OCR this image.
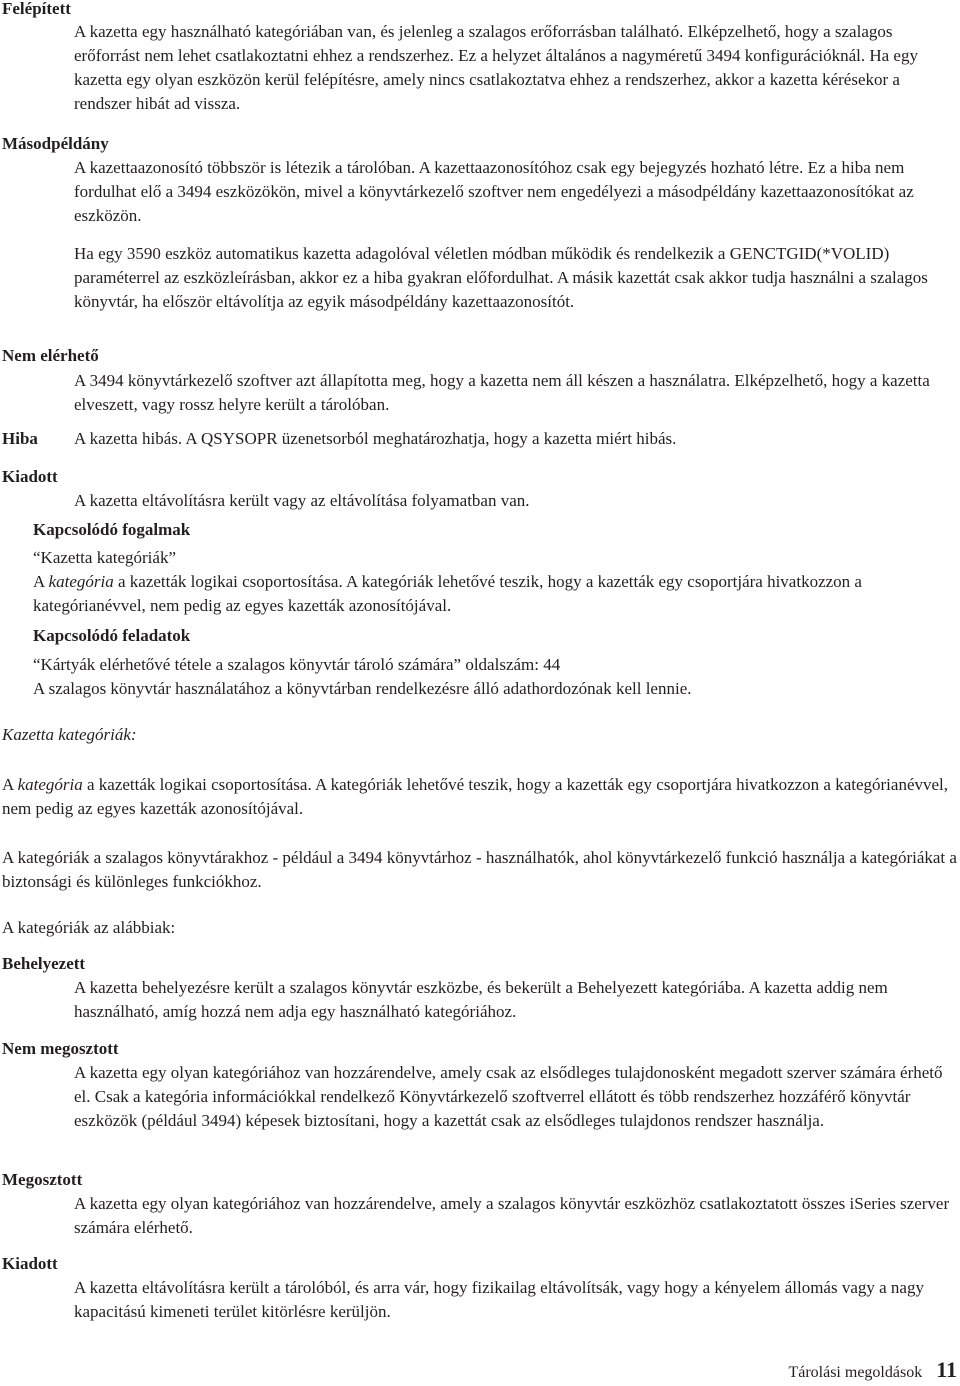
Felépített

A kazetta egy használható kategóriában van, és jelenleg a szalagos erőforrásban található. Elképzelhető, hogy a szalagos erőforrást nem lehet csatlakoztatni ehhez a rendszerhez. Ez a helyzet általános a nagyméretű 3494 konfigurációknál. Ha egy kazetta egy olyan eszközön kerül felépítésre, amely nincs csatlakoztatva ehhez a rendszerhez, akkor a kazetta kérésekor a rendszer hibát ad vissza.

Másodpéldány

A kazettaazonosító többször is létezik a tárolóban. A kazettaazonosítóhoz csak egy bejegyzés hozható létre. Ez a hiba nem fordulhat elő a 3494 eszközökön, mivel a könyvtárkezelő szoftver nem engedélyezi a másodpéldány kazettaazonosítókat az eszközön.

Ha egy 3590 eszköz automatikus kazetta adagolóval véletlen módban működik és rendelkezik a GENCTGID(*VOLID) paraméterrel az eszközleírásban, akkor ez a hiba gyakran előfordulhat. A másik kazettát csak akkor tudja használni a szalagos könyvtár, ha először eltávolítja az egyik másodpéldány kazettaazonosítót.

Nem elérhető

A 3494 könyvtárkezelő szoftver azt állapította meg, hogy a kazetta nem áll készen a használatra. Elképzelhető, hogy a kazetta elveszett, vagy rossz helyre került a tárolóban.

Hiba A kazetta hibás. A QSYSOPR üzenetsorból meghatározhatja, hogy a kazetta miért hibás.

Kiadott

A kazetta eltávolításra került vagy az eltávolítása folyamatban van.

Kapcsolódó fogalmak
“Kazetta kategóriák”

A kategória a kazetták logikai csoportosítása. A kategóriák lehetővé teszik, hogy a kazetták egy csoportjára hivatkozzon a kategórianévvel, nem pedig az egyes kazetták azonosítójával.

Kapcsolódó feladatok
“Kártyák elérhetővé tétele a szalagos könyvtár tároló számára” oldalszám: 44
A szalagos könyvtár használatához a könyvtárban rendelkezésre álló adathordozónak kell lennie.

Kazetta kategóriák:

A kategória a kazetták logikai csoportosítása. A kategóriák lehetővé teszik, hogy a kazetták egy csoportjára hivatkozzon a kategórianévvel, nem pedig az egyes kazetták azonosítójával.

A kategóriák a szalagos könyvtárakhoz - például a 3494 könyvtárhoz - használhatók, ahol könyvtárkezelő funkció használja a kategóriákat a biztonsági és különleges funkciókhoz.

A kategóriák az alábbiak:

Behelyezett

A kazetta behelyezésre került a szalagos könyvtár eszközbe, és bekerült a Behelyezett kategóriába. A kazetta addig nem használható, amíg hozzá nem adja egy használható kategóriához.

Nem megosztott

A kazetta egy olyan kategóriához van hozzárendelve, amely csak az elsődleges tulajdonosként megadott szerver számára érhető el. Csak a kategória információkkal rendelkező Könyvtárkezelő szoftverrel ellátott és több rendszerhez hozzáférő könyvtár eszközök (például 3494) képesek biztosítani, hogy a kazettát csak az elsődleges tulajdonos rendszer használja.

Megosztott

A kazetta egy olyan kategóriához van hozzárendelve, amely a szalagos könyvtár eszközhöz csatlakoztatott összes iSeries szerver számára elérhető.

Kiadott

A kazetta eltávolításra került a tárolóból, és arra vár, hogy fizikailag eltávolítsák, vagy hogy a kényelem állomás vagy a nagy kapacitású kimeneti terület kitörlésre kerüljön.

Tárolási megoldások 11
